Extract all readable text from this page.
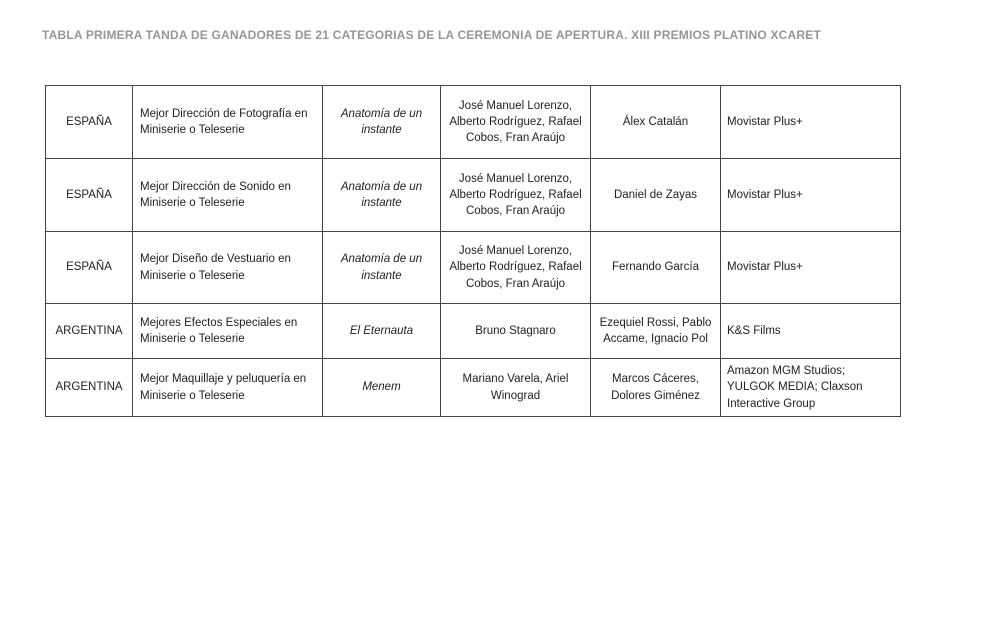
TABLA PRIMERA TANDA DE GANADORES DE 21 CATEGORIAS DE LA CEREMONIA DE APERTURA. XIII PREMIOS PLATINO XCARET
ESPAÑA	Mejor Dirección de Fotografía en Miniserie o Teleserie	Anatomía de un instante	José Manuel Lorenzo, Alberto Rodríguez, Rafael Cobos, Fran Araújo	Álex Catalán	Movistar Plus+
ESPAÑA	Mejor Dirección de Sonido en Miniserie o Teleserie	Anatomía de un instante	José Manuel Lorenzo, Alberto Rodríguez, Rafael Cobos, Fran Araújo	Daniel de Zayas	Movistar Plus+
ESPAÑA	Mejor Diseño de Vestuario en Miniserie o Teleserie	Anatomía de un instante	José Manuel Lorenzo, Alberto Rodríguez, Rafael Cobos, Fran Araújo	Fernando García	Movistar Plus+
ARGENTINA	Mejores Efectos Especiales en Miniserie o Teleserie	El Eternauta	Bruno Stagnaro	Ezequiel Rossi, Pablo Accame, Ignacio Pol	K&S Films
ARGENTINA	Mejor Maquillaje y peluquería en Miniserie o Teleserie	Menem	Mariano Varela, Ariel Winograd	Marcos Cáceres, Dolores Giménez	Amazon MGM Studios; YULGOK MEDIA; Claxson Interactive Group
